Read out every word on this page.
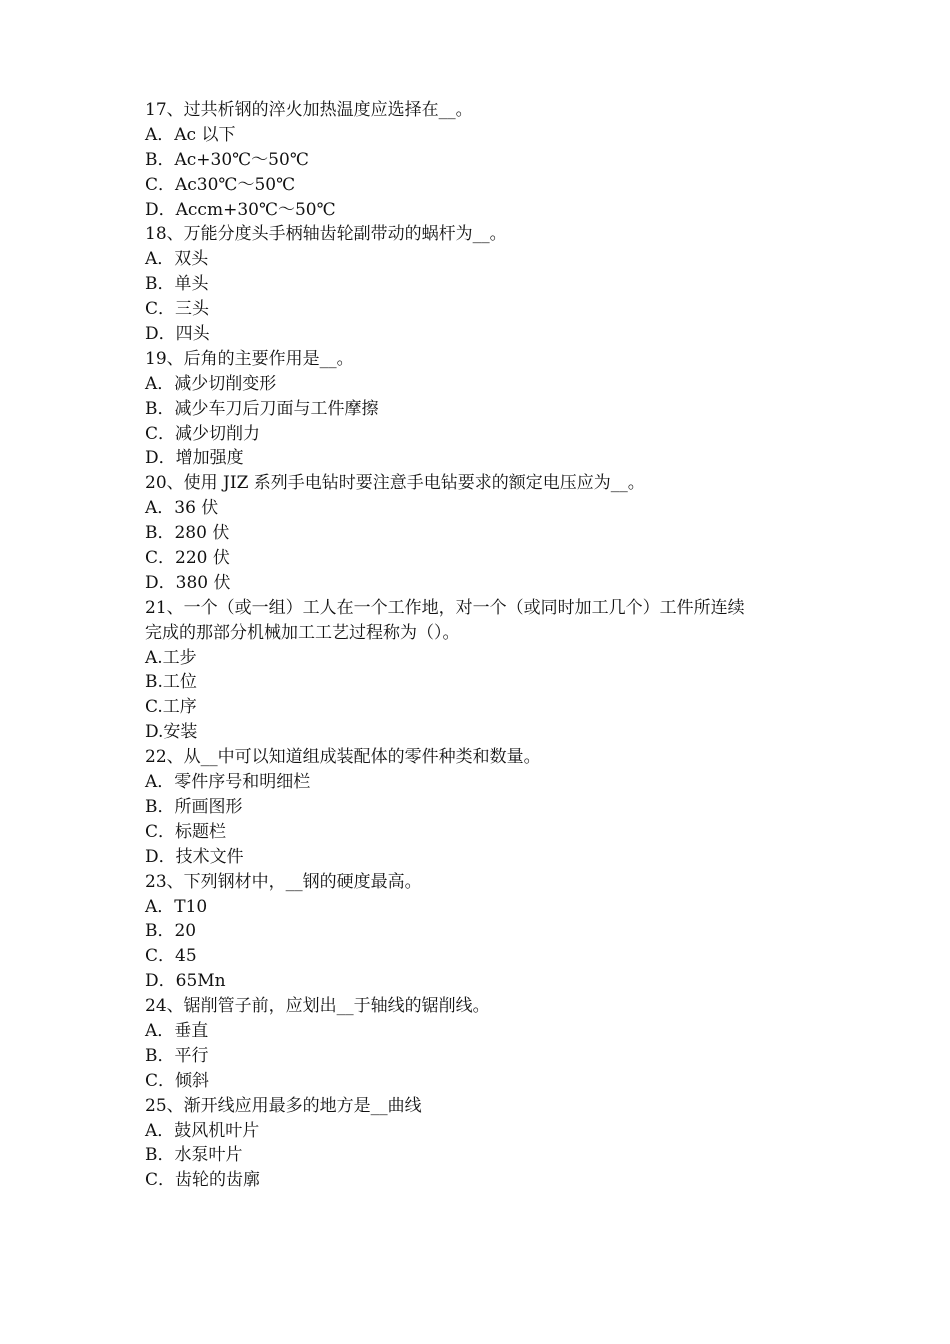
17、过共析钢的淬火加热温度应选择在__。
A．Ac 以下
B．Ac+30℃～50℃
C．Ac30℃～50℃
D．Accm+30℃～50℃
18、万能分度头手柄轴齿轮副带动的蜗杆为__。
A．双头
B．单头
C．三头
D．四头
19、后角的主要作用是__。
A．减少切削变形
B．减少车刀后刀面与工件摩擦
C．减少切削力
D．增加强度
20、使用 JIZ 系列手电钻时要注意手电钻要求的额定电压应为__。
A．36 伏
B．280 伏
C．220 伏
D．380 伏
21、一个（或一组）工人在一个工作地，对一个（或同时加工几个）工件所连续
完成的那部分机械加工工艺过程称为（）。
A.工步
B.工位
C.工序
D.安装
22、从__中可以知道组成装配体的零件种类和数量。
A．零件序号和明细栏
B．所画图形
C．标题栏
D．技术文件
23、下列钢材中，__钢的硬度最高。
A．T10
B．20
C．45
D．65Mn
24、锯削管子前，应划出__于轴线的锯削线。
A．垂直
B．平行
C．倾斜
25、渐开线应用最多的地方是__曲线
A．鼓风机叶片
B．水泵叶片
C．齿轮的齿廓
